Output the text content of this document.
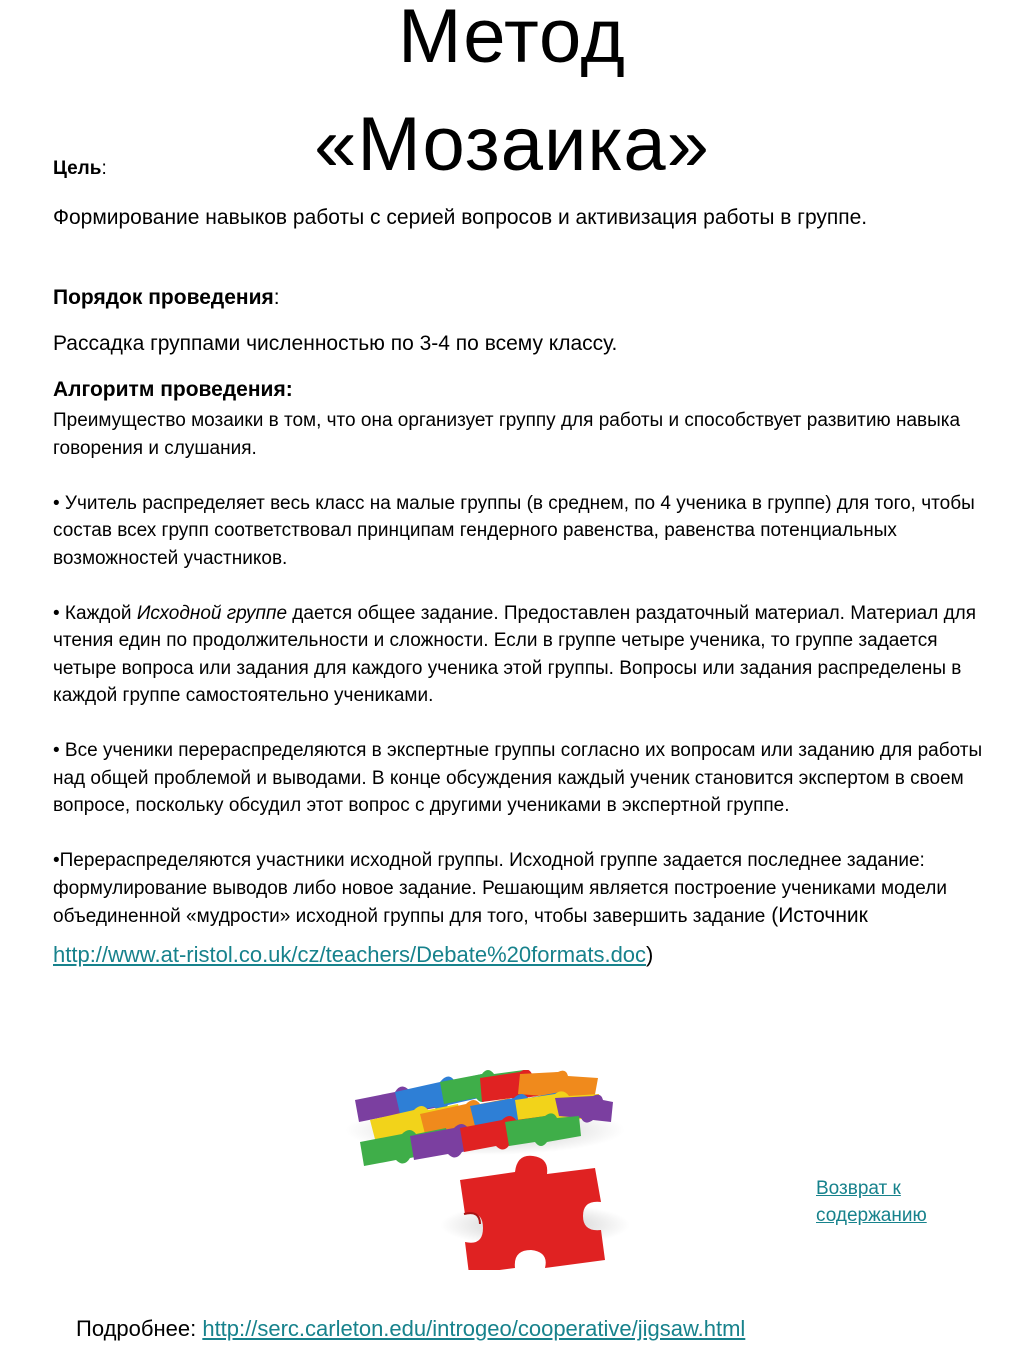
Метод
«Мозаика»

Цель:

Формирование навыков работы с серией вопросов и активизация работы в группе.

Порядок проведения:

Рассадка группами численностью по 3-4 по всему классу.

Алгоритм проведения:

Преимущество мозаики в том, что она организует группу для работы и способствует развитию навыка говорения и слушания.

• Учитель распределяет весь класс на малые группы (в среднем, по 4 ученика в группе) для того, чтобы состав всех групп соответствовал принципам гендерного равенства, равенства потенциальных возможностей участников.

• Каждой Исходной группе дается общее задание. Предоставлен раздаточный материал. Материал для чтения един по продолжительности и сложности. Если в группе четыре ученика, то группе задается четыре вопроса или задания для каждого ученика этой группы. Вопросы или задания распределены в каждой группе самостоятельно учениками.

• Все ученики перераспределяются в экспертные группы согласно их вопросам или заданию для работы над общей проблемой и выводами. В конце обсуждения каждый ученик становится экспертом в своем вопросе, поскольку обсудил этот вопрос с другими учениками в экспертной группе.

•Перераспределяются участники исходной группы. Исходной группе задается последнее задание: формулирование выводов либо новое задание. Решающим является построение учениками модели объединенной «мудрости» исходной группы для того, чтобы завершить задание (Источник

http://www.at-ristol.co.uk/cz/teachers/Debate%20formats.doc)

Возврат к содержанию

Подробнее: http://serc.carleton.edu/introgeo/cooperative/jigsaw.html
